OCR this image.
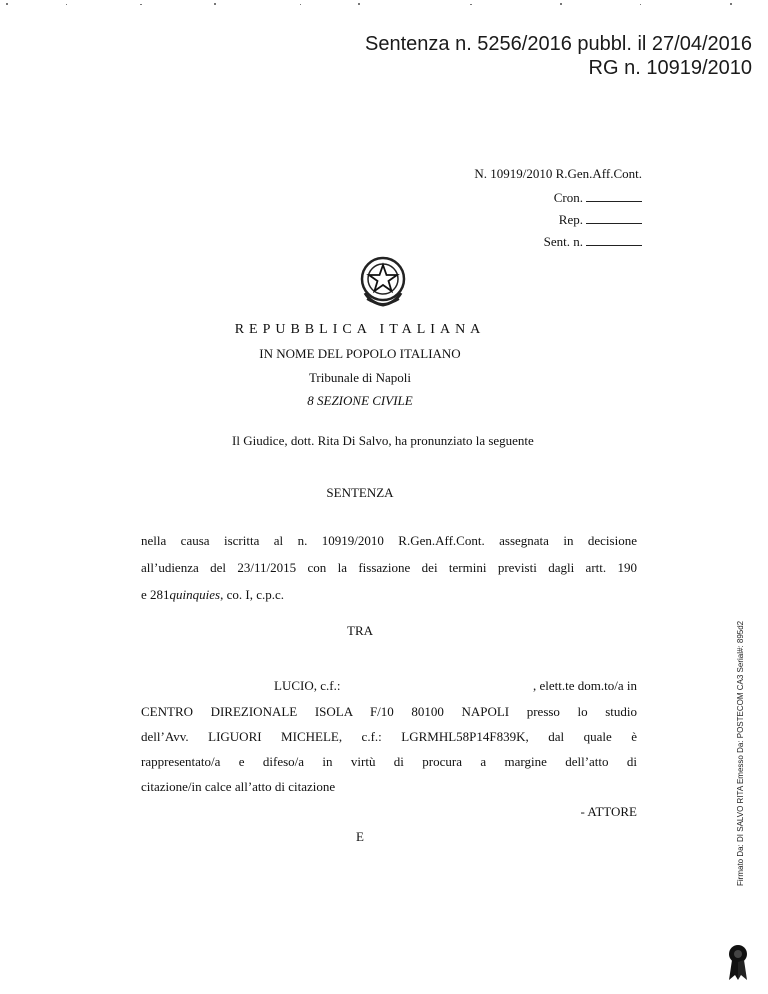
Sentenza n. 5256/2016 pubbl. il 27/04/2016
RG n. 10919/2010
N. 10919/2010 R.Gen.Aff.Cont.
Cron.
Rep.
Sent. n.
REPUBBLICA ITALIANA
IN NOME DEL POPOLO ITALIANO
Tribunale di Napoli
8 SEZIONE CIVILE
Il Giudice, dott. Rita Di Salvo, ha pronunziato la seguente
SENTENZA
nella causa iscritta al n. 10919/2010 R.Gen.Aff.Cont. assegnata in decisione
all’udienza del 23/11/2015 con la fissazione dei termini previsti dagli artt. 190
e 281quinquies, co. I, c.p.c.
TRA
LUCIO, c.f.:	, elett.te dom.to/a in
CENTRO DIREZIONALE ISOLA F/10 80100 NAPOLI presso lo studio
dell’Avv. LIGUORI MICHELE, c.f.: LGRMHL58P14F839K, dal quale è
rappresentato/a e difeso/a in virtù di procura a margine dell’atto di
citazione/in calce all’atto di citazione
- ATTORE
E	Firmato Da: DI SALVO RITA Emesso Da: POSTECOM CA3 Serial#: 895d2
